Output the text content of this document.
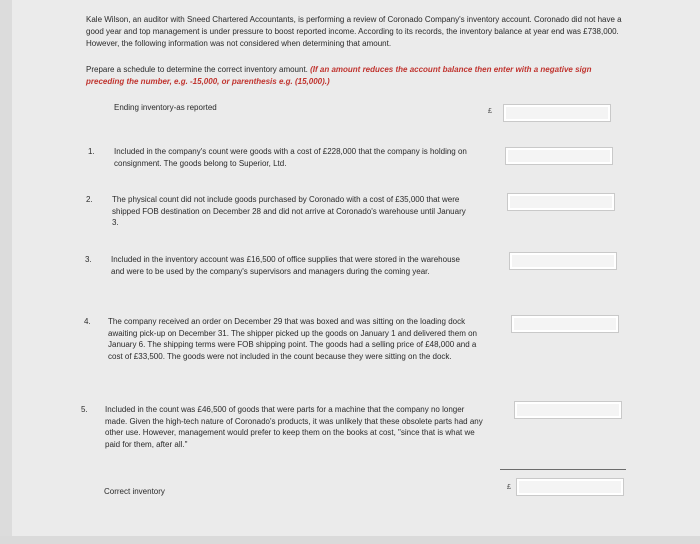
Kale Wilson, an auditor with Sneed Chartered Accountants, is performing a review of Coronado Company's inventory account. Coronado did not have a good year and top management is under pressure to boost reported income. According to its records, the inventory balance at year end was £738,000. However, the following information was not considered when determining that amount.
Prepare a schedule to determine the correct inventory amount. (If an amount reduces the account balance then enter with a negative sign preceding the number, e.g. -15,000, or parenthesis e.g. (15,000).)
Ending inventory-as reported	£
1. Included in the company's count were goods with a cost of £228,000 that the company is holding on consignment. The goods belong to Superior, Ltd.
2. The physical count did not include goods purchased by Coronado with a cost of £35,000 that were shipped FOB destination on December 28 and did not arrive at Coronado's warehouse until January 3.
3. Included in the inventory account was £16,500 of office supplies that were stored in the warehouse and were to be used by the company's supervisors and managers during the coming year.
4. The company received an order on December 29 that was boxed and was sitting on the loading dock awaiting pick-up on December 31. The shipper picked up the goods on January 1 and delivered them on January 6. The shipping terms were FOB shipping point. The goods had a selling price of £48,000 and a cost of £33,500. The goods were not included in the count because they were sitting on the dock.
5. Included in the count was £46,500 of goods that were parts for a machine that the company no longer made. Given the high-tech nature of Coronado's products, it was unlikely that these obsolete parts had any other use. However, management would prefer to keep them on the books at cost, "since that is what we paid for them, after all."
Correct inventory	£
